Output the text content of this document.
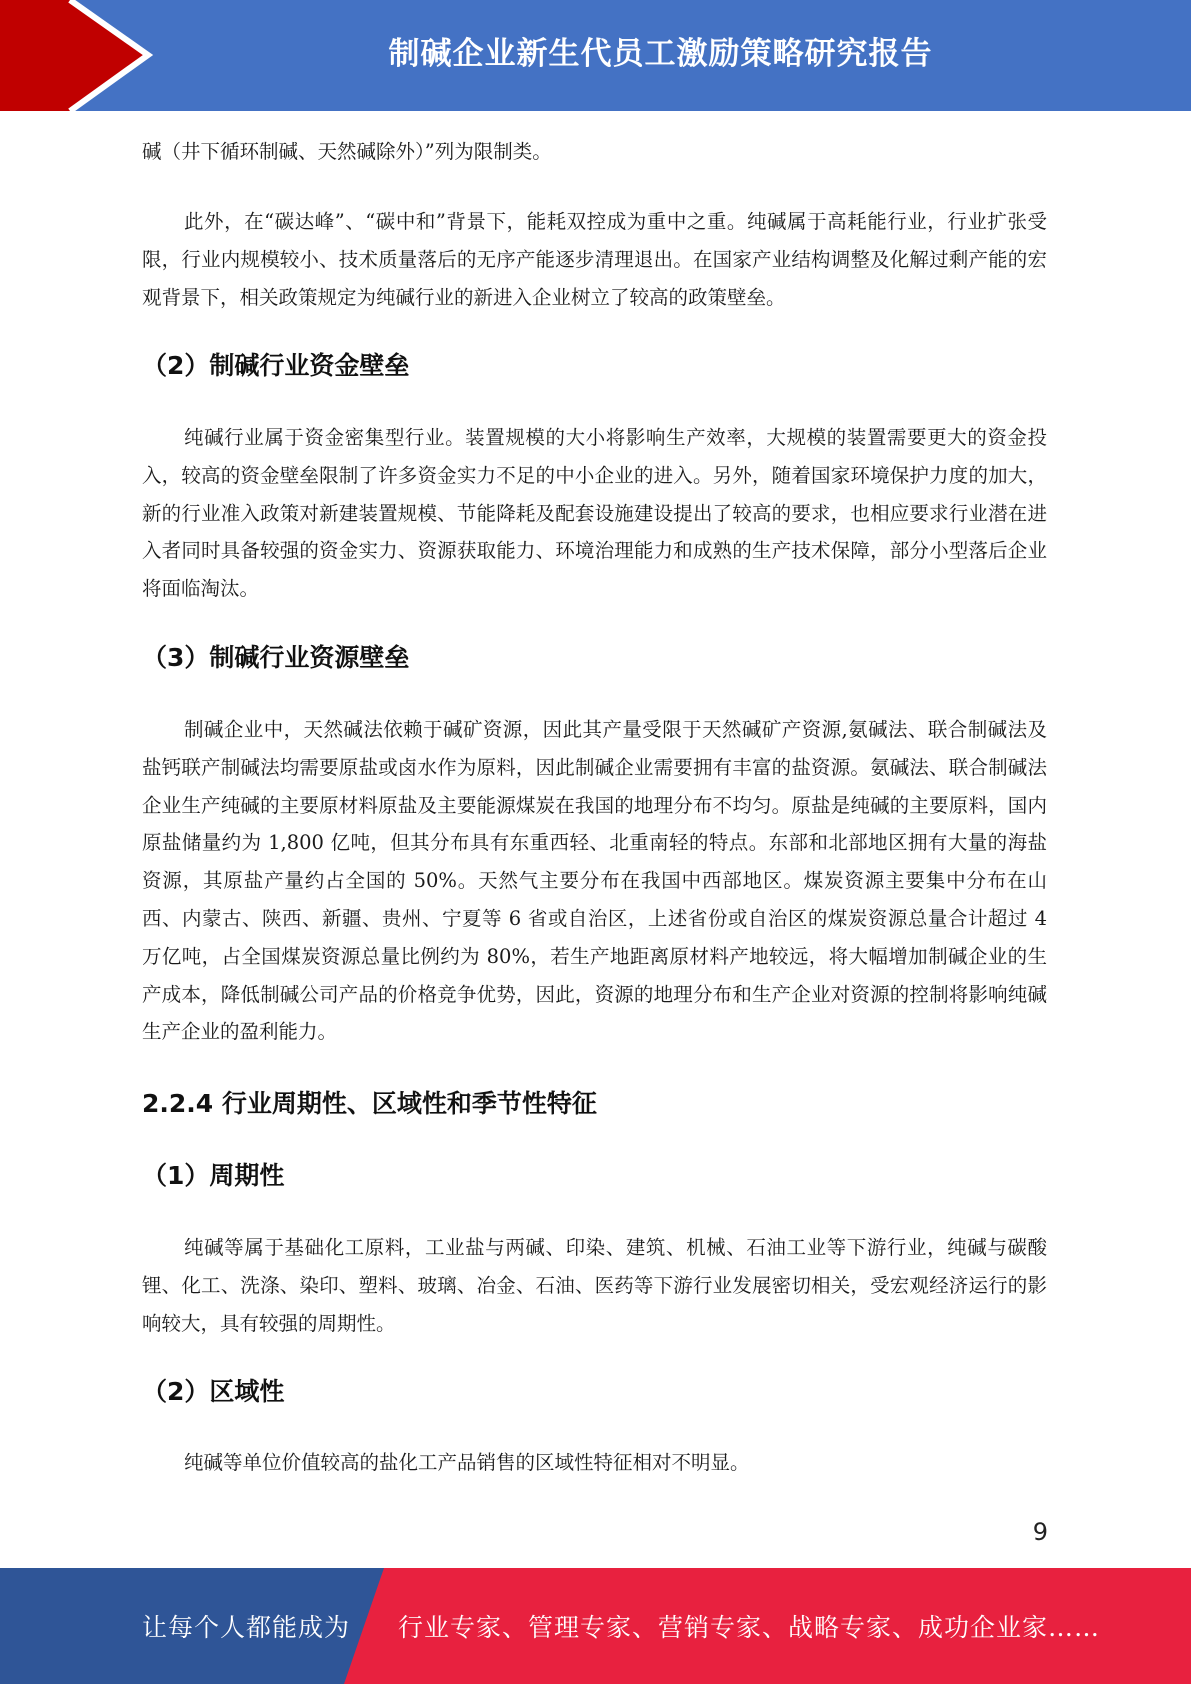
制碱企业新生代员工激励策略研究报告

碱（井下循环制碱、天然碱除外）”列为限制类。

此外，在“碳达峰”、“碳中和”背景下，能耗双控成为重中之重。纯碱属于高耗能行业，行业扩张受限，行业内规模较小、技术质量落后的无序产能逐步清理退出。在国家产业结构调整及化解过剩产能的宏观背景下，相关政策规定为纯碱行业的新进入企业树立了较高的政策壁垒。

（2）制碱行业资金壁垒

纯碱行业属于资金密集型行业。装置规模的大小将影响生产效率，大规模的装置需要更大的资金投入，较高的资金壁垒限制了许多资金实力不足的中小企业的进入。另外，随着国家环境保护力度的加大，新的行业准入政策对新建装置规模、节能降耗及配套设施建设提出了较高的要求，也相应要求行业潜在进入者同时具备较强的资金实力、资源获取能力、环境治理能力和成熟的生产技术保障，部分小型落后企业将面临淘汰。

（3）制碱行业资源壁垒

制碱企业中，天然碱法依赖于碱矿资源，因此其产量受限于天然碱矿产资源,氨碱法、联合制碱法及盐钙联产制碱法均需要原盐或卤水作为原料，因此制碱企业需要拥有丰富的盐资源。氨碱法、联合制碱法企业生产纯碱的主要原材料原盐及主要能源煤炭在我国的地理分布不均匀。原盐是纯碱的主要原料，国内原盐储量约为 1,800 亿吨，但其分布具有东重西轻、北重南轻的特点。东部和北部地区拥有大量的海盐资源，其原盐产量约占全国的 50%。天然气主要分布在我国中西部地区。煤炭资源主要集中分布在山西、内蒙古、陕西、新疆、贵州、宁夏等 6 省或自治区，上述省份或自治区的煤炭资源总量合计超过 4 万亿吨，占全国煤炭资源总量比例约为 80%，若生产地距离原材料产地较远，将大幅增加制碱企业的生产成本，降低制碱公司产品的价格竞争优势，因此，资源的地理分布和生产企业对资源的控制将影响纯碱生产企业的盈利能力。

2.2.4 行业周期性、区域性和季节性特征
（1）周期性

纯碱等属于基础化工原料，工业盐与两碱、印染、建筑、机械、石油工业等下游行业，纯碱与碳酸锂、化工、洗涤、染印、塑料、玻璃、冶金、石油、医药等下游行业发展密切相关，受宏观经济运行的影响较大，具有较强的周期性。

（2）区域性

纯碱等单位价值较高的盐化工产品销售的区域性特征相对不明显。

9
让每个人都能成为 行业专家、管理专家、营销专家、战略专家、成功企业家……
